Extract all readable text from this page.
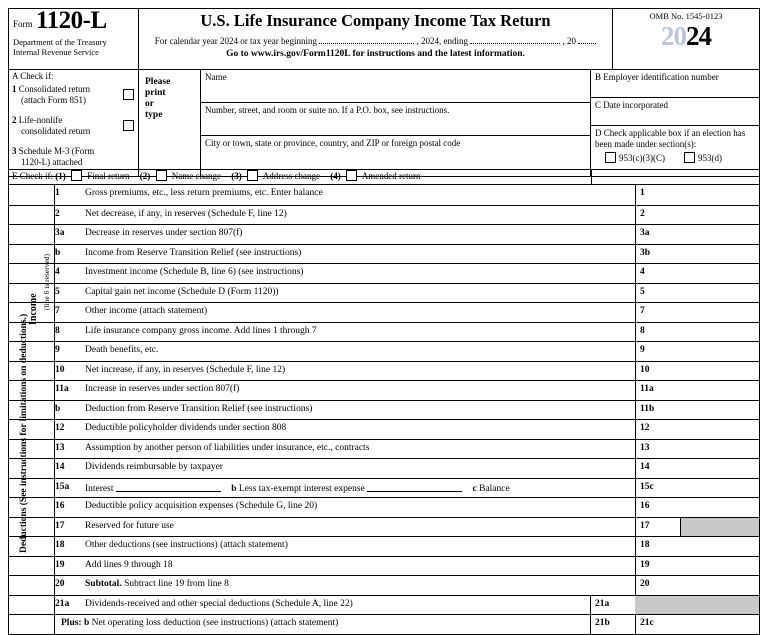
Form 1120-L
Department of the Treasury
Internal Revenue Service
U.S. Life Insurance Company Income Tax Return
For calendar year 2024 or tax year beginning	, 2024, ending	, 20
Go to www.irs.gov/Form1120L for instructions and the latest information.
OMB No. 1545-0123
2024
A Check if:
1 Consolidated return
(attach Form 851)
2 Life-nonlife
consolidated return
3 Schedule M-3 (Form
1120-L) attached
Please
print
or
type
Name
Number, street, and room or suite no. If a P.O. box, see instructions.
City or town, state or province, country, and ZIP or foreign postal code
B Employer identification number
C Date incorporated
D Check applicable box if an election has been made under section(s):
953(c)(3)(C)	953(d)
E Check if: (1) Final return (2) Name change (3) Address change (4) Amended return
1	Gross premiums, etc., less return premiums, etc. Enter balance	1
2	Net decrease, if any, in reserves (Schedule F, line 12)	2
3a	Decrease in reserves under section 807(f)	3a
b	Income from Reserve Transition Relief (see instructions)	3b
4	Investment income (Schedule B, line 6) (see instructions)	4
5	Capital gain net income (Schedule D (Form 1120))	5
7	Other income (attach statement)	7
8	Life insurance company gross income. Add lines 1 through 7	8
9	Death benefits, etc.	9
10	Net increase, if any, in reserves (Schedule F, line 12)	10
11a	Increase in reserves under section 807(f)	11a
b	Deduction from Reserve Transition Relief (see instructions)	11b
12	Deductible policyholder dividends under section 808	12
13	Assumption by another person of liabilities under insurance, etc., contracts	13
14	Dividends reimbursable by taxpayer	14
15a	Interest	b Less tax-exempt interest expense	c Balance	15c
16	Deductible policy acquisition expenses (Schedule G, line 20)	16
17	Reserved for future use	17
18	Other deductions (see instructions) (attach statement)	18
19	Add lines 9 through 18	19
20	Subtotal. Subtract line 19 from line 8	20
21a	Dividends-received and other special deductions (Schedule A, line 22)	21a
Plus: b Net operating loss deduction (see instructions) (attach statement)	21b	21c
Income (line 6 is reserved)
Deductions (See instructions for limitations on deductions.)
